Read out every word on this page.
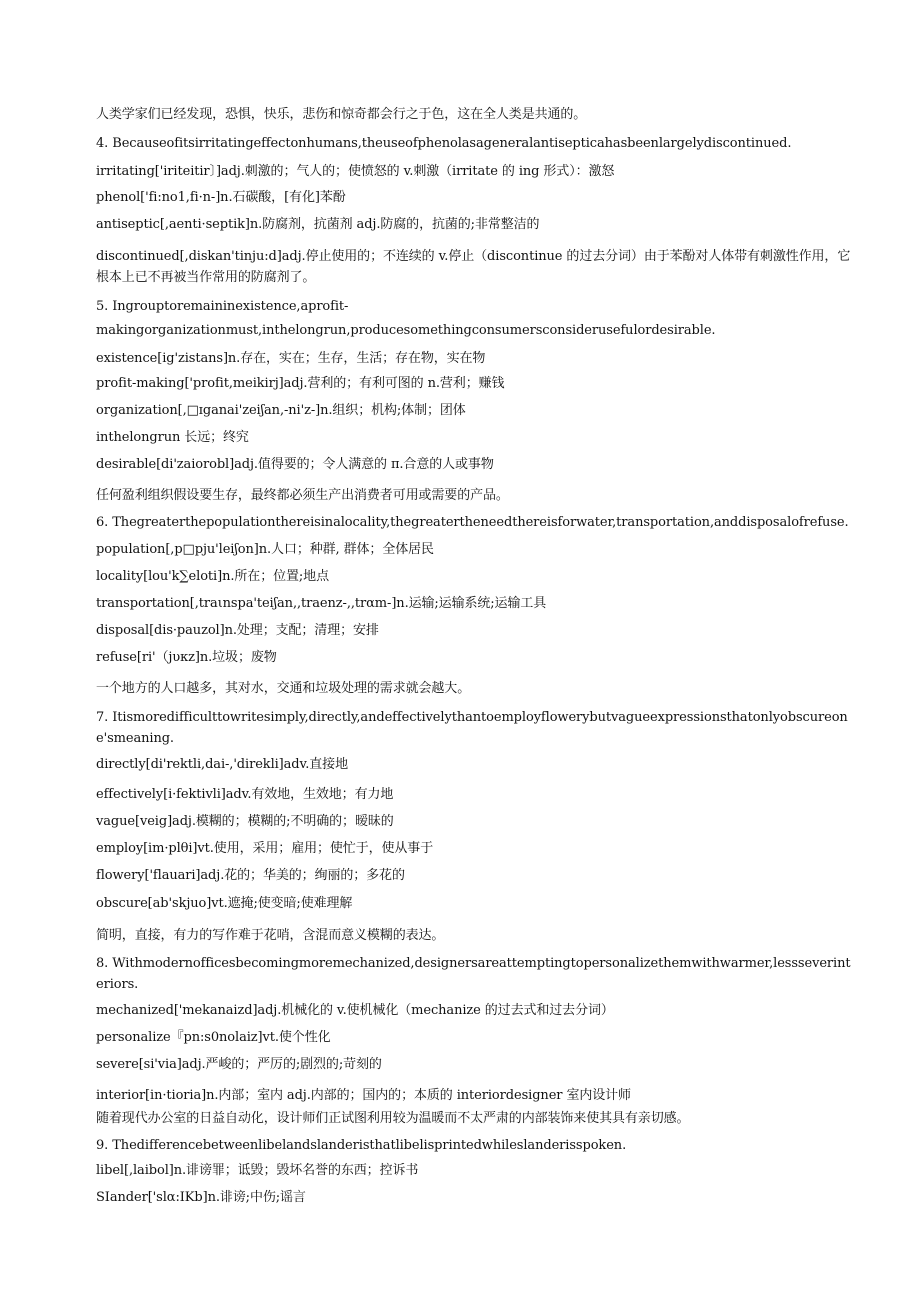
人类学家们已经发现，恐惧，快乐，悲伤和惊奇都会行之于色，这在全人类是共通的。
4. Becauseofitsirritatingeffectonhumans,theuseofphenolasageneralantisepticahasbeenlargelydiscontinued.
irritating['iriteitir〕]adj.刺激的；气人的；使愤怒的 v.刺激（irritate 的 ing 形式）：激怒
phenol['fi:no1,fi·n-]n.石碳酸，[有化]苯酚
antiseptic[,aenti·septik]n.防腐剂，抗菌剂 adj.防腐的，抗菌的;非常整洁的
discontinued[,diskan'tinju:d]adj.停止使用的；不连续的 v.停止（discontinue 的过去分词）由于苯酚对人体带有刺激性作用，它根本上已不再被当作常用的防腐剂了。
5. Ingrouptoremaininexistence,aprofit-
makingorganizationmust,inthelongrun,producesomethingconsumersconsiderusefulordesirable.
existence[ig'zistans]n.存在，实在；生存，生活；存在物，实在物
profit-making['profit,meikirj]adj.营利的；有利可图的 n.营利；赚钱
organization[,□ɪganai'zeiʃan,-ni'z-]n.组织；机构;体制；团体
inthelongrun 长远；终究
desirable[di'zaiorobl]adj.值得要的；令人满意的 π.合意的人或事物
任何盈利组织假设要生存，最终都必须生产出消费者可用或需要的产品。
6. Thegreaterthepopulationthereisinalocality,thegreatertheneedthereisforwater,transportation,anddisposalofrefuse.
population[,p□pju'leiʃon]n.人口；种群, 群体；全体居民
locality[lou'k∑eloti]n.所在；位置;地点
transportation[,traιnspa'teiʃan,,traenz-,,trαm-]n.运输;运输系统;运输工具
disposal[dis·pauzol]n.处理；支配；清理；安排
refuse[ri'（jυκz]n.垃圾；废物
一个地方的人口越多，其对水，交通和垃圾处理的需求就会越大。
7. Itismoredifficulttowritesimply,directly,andeffectivelythantoemployflowerybutvagueexpressionsthatonlyobscureone'smeaning.
directly[di'rektli,dai-,'direkli]adv.直接地
effectively[i·fektivli]adv.有效地，生效地；有力地
vague[veig]adj.模糊的；模糊的;不明确的；暧昧的
employ[im·plθi]vt.使用，采用；雇用；使忙于，使从事于
flowery['flauari]adj.花的；华美的；绚丽的；多花的
obscure[ab'skjuo]vt.遮掩;使变暗;使难理解
简明，直接，有力的写作难于花哨，含混而意义模糊的表达。
8. Withmodernofficesbecomingmoremechanized,designersareattemptingtopersonalizethemwithwarmer,lessseverinteriors.
mechanized['mekanaizd]adj.机械化的 v.使机械化（mechanize 的过去式和过去分词）
personalize『pn:s0nolaiz]vt.使个性化
severe[si'via]adj.严峻的；严厉的;剧烈的;苛刻的
interior[in·tioria]n.内部；室内 adj.内部的；国内的；本质的 interiordesigner 室内设计师
随着现代办公室的日益自动化，设计师们正试图利用较为温暖而不太严肃的内部装饰来使其具有亲切感。
9. Thedifferencebetweenlibelandslanderisthatlibelisprintedwhileslanderisspoken.
libel[,laibol]n.诽谤罪；诋毁；毁坏名誉的东西；控诉书
SIander['slα:IKb]n.诽谤;中伤;谣言
